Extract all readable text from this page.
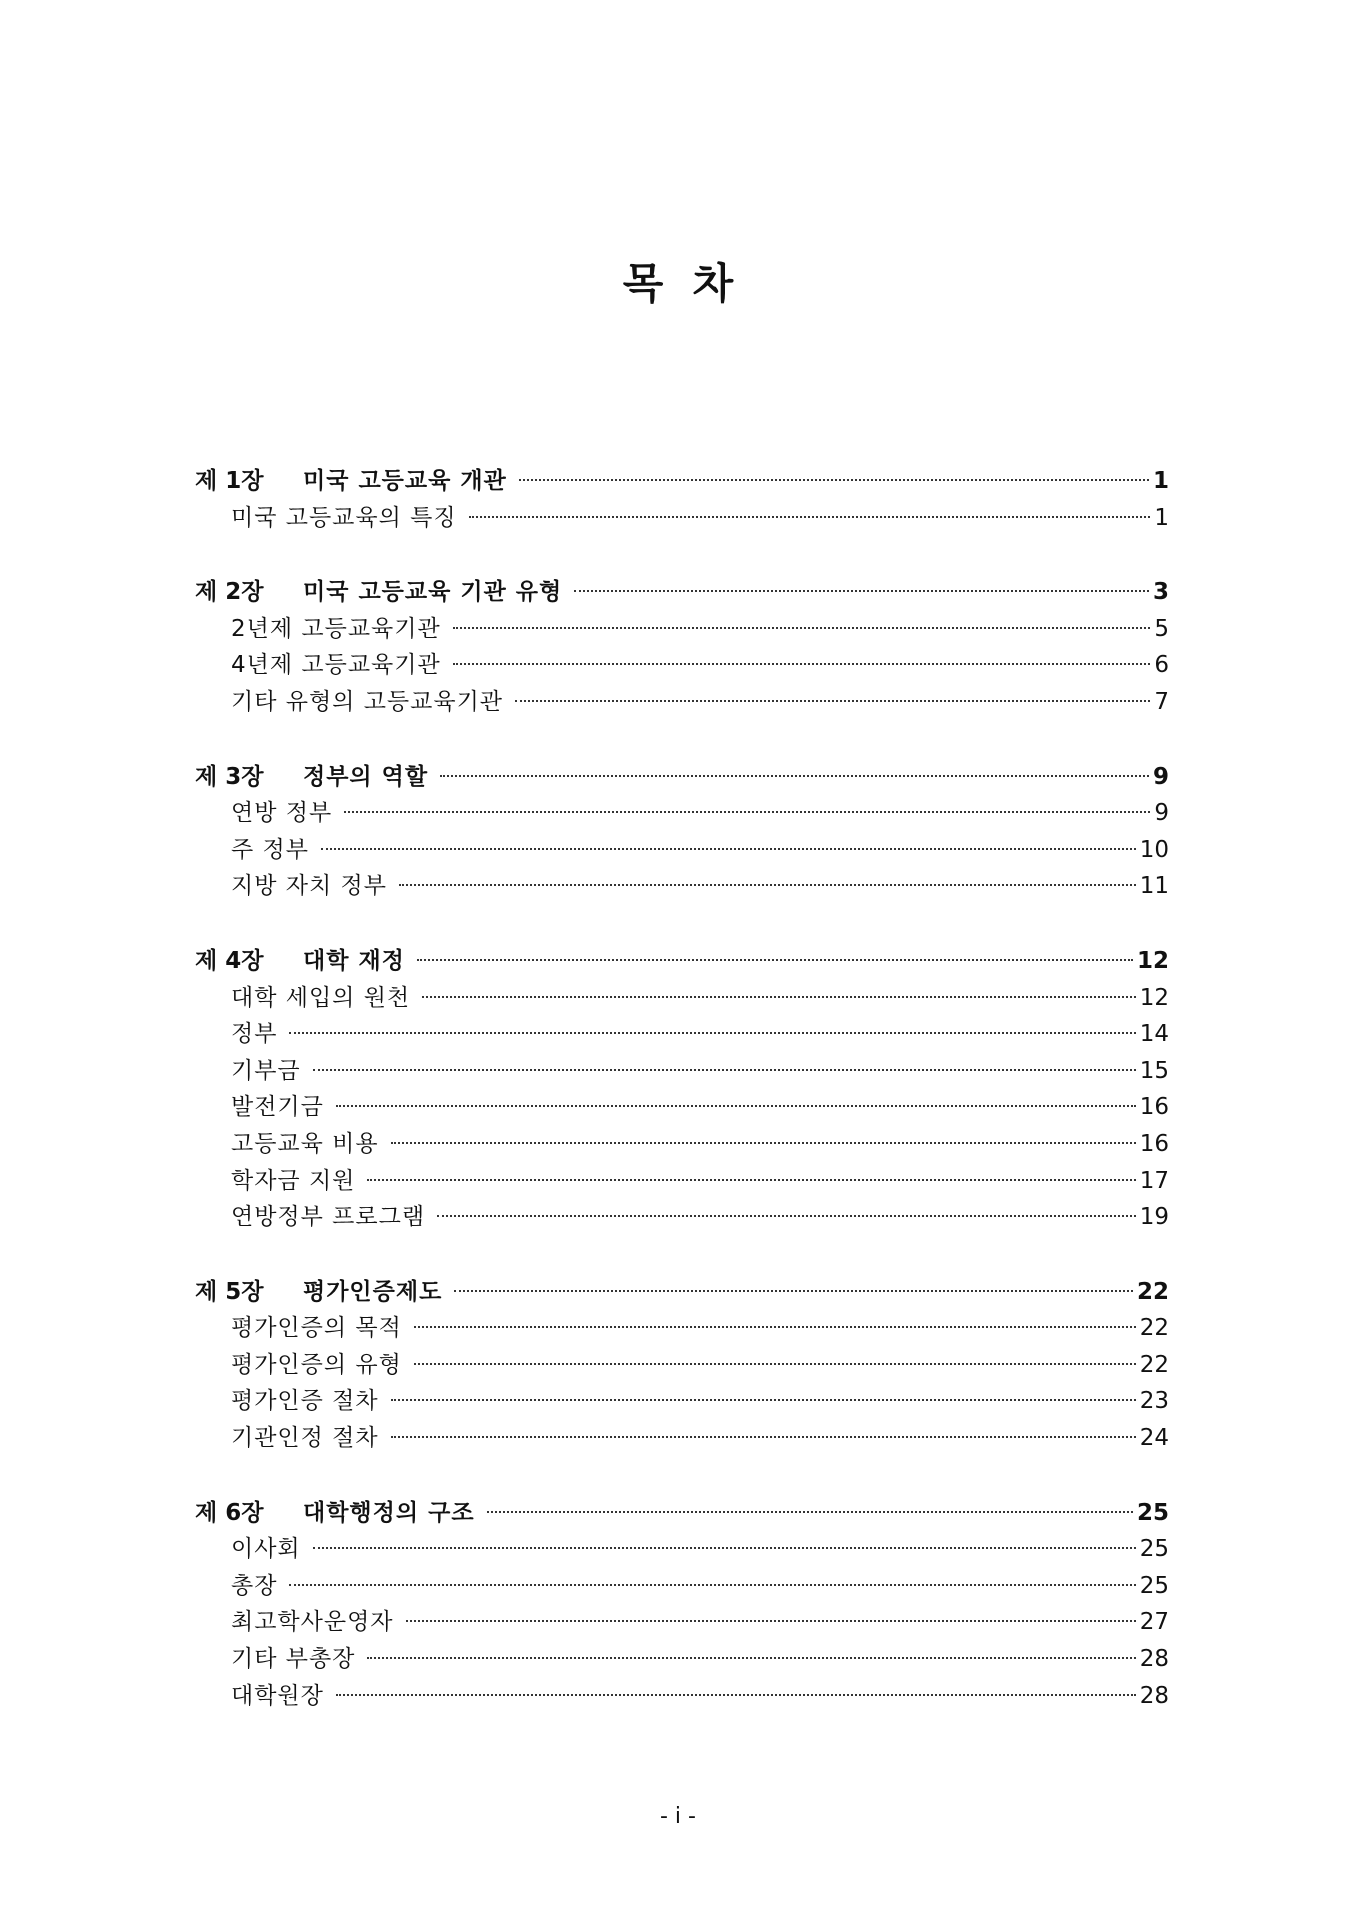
목  차
제 1장	미국 고등교육 개관	1
미국 고등교육의 특징	1
제 2장	미국 고등교육 기관 유형	3
2년제 고등교육기관	5
4년제 고등교육기관	6
기타 유형의 고등교육기관	7
제 3장	정부의 역할	9
연방 정부	9
주 정부	10
지방 자치 정부	11
제 4장	대학 재정	12
대학 세입의 원천	12
정부	14
기부금	15
발전기금	16
고등교육 비용	16
학자금 지원	17
연방정부 프로그램	19
제 5장	평가인증제도	22
평가인증의 목적	22
평가인증의 유형	22
평가인증 절차	23
기관인정 절차	24
제 6장	대학행정의 구조	25
이사회	25
총장	25
최고학사운영자	27
기타 부총장	28
대학원장	28
- i -
